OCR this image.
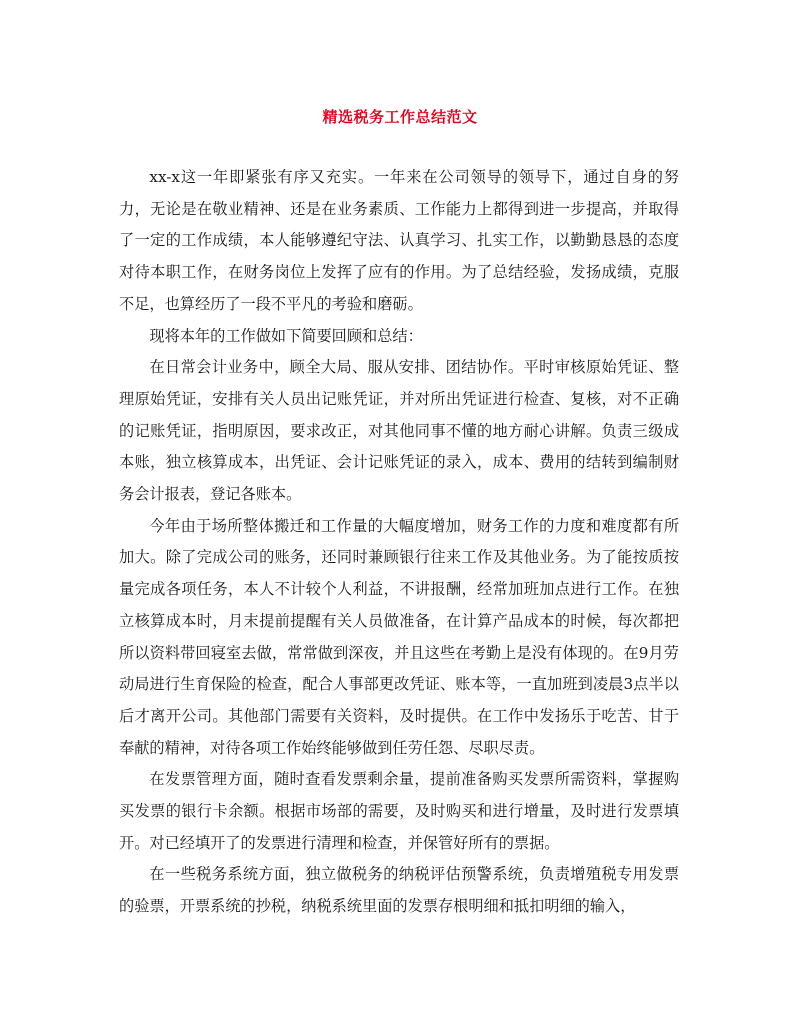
精选税务工作总结范文

xx-x这一年即紧张有序又充实。一年来在公司领导的领导下，通过自身的努力，无论是在敬业精神、还是在业务素质、工作能力上都得到进一步提高，并取得了一定的工作成绩，本人能够遵纪守法、认真学习、扎实工作，以勤勤恳恳的态度对待本职工作，在财务岗位上发挥了应有的作用。为了总结经验，发扬成绩，克服不足，也算经历了一段不平凡的考验和磨砺。

现将本年的工作做如下简要回顾和总结：

在日常会计业务中，顾全大局、服从安排、团结协作。平时审核原始凭证、整理原始凭证，安排有关人员出记账凭证，并对所出凭证进行检查、复核，对不正确的记账凭证，指明原因，要求改正，对其他同事不懂的地方耐心讲解。负责三级成本账，独立核算成本，出凭证、会计记账凭证的录入，成本、费用的结转到编制财务会计报表，登记各账本。

今年由于场所整体搬迁和工作量的大幅度增加，财务工作的力度和难度都有所加大。除了完成公司的账务，还同时兼顾银行往来工作及其他业务。为了能按质按量完成各项任务，本人不计较个人利益，不讲报酬，经常加班加点进行工作。在独立核算成本时，月末提前提醒有关人员做准备，在计算产品成本的时候，每次都把所以资料带回寝室去做，常常做到深夜，并且这些在考勤上是没有体现的。在9月劳动局进行生育保险的检查，配合人事部更改凭证、账本等，一直加班到凌晨3点半以后才离开公司。其他部门需要有关资料，及时提供。在工作中发扬乐于吃苦、甘于奉献的精神，对待各项工作始终能够做到任劳任怨、尽职尽责。

在发票管理方面，随时查看发票剩余量，提前准备购买发票所需资料，掌握购买发票的银行卡余额。根据市场部的需要，及时购买和进行增量，及时进行发票填开。对已经填开了的发票进行清理和检查，并保管好所有的票据。

在一些税务系统方面，独立做税务的纳税评估预警系统，负责增殖税专用发票的验票，开票系统的抄税，纳税系统里面的发票存根明细和抵扣明细的输入，
